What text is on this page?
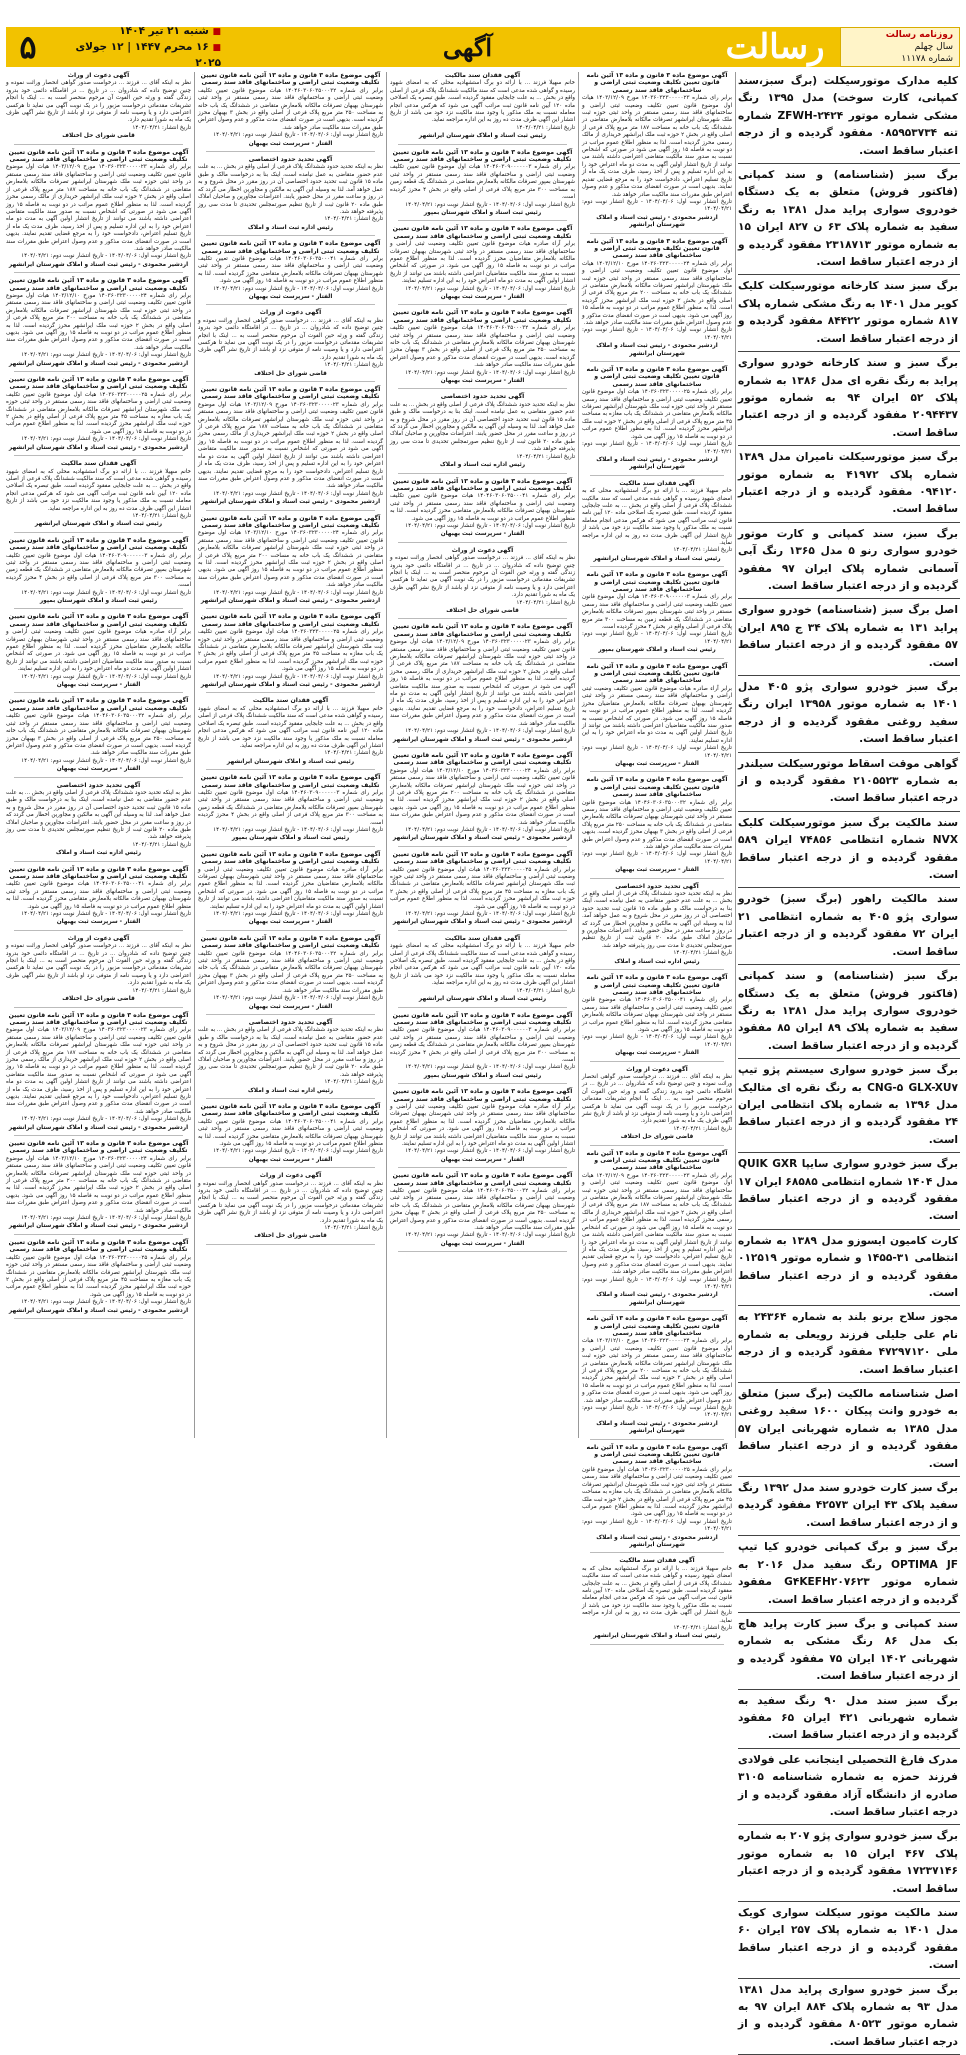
۵	■ شنبه ۲۱ تیر ۱۴۰۴
■ ۱۶ محرم ۱۴۴۷ | ۱۲ جولای ۲۰۲۵
آگهی	رسالت	روزنامه رسالت
سال چهلم
شماره ۱۱۱۷۸
آگهی دعوت از وراث
نظر به اینکه آقای ... فرزند ... درخواست صدور گواهی انحصار وراثت نموده و چنین توضیح داده که شادروان ... در تاریخ ... در اقامتگاه دائمی خود بدرود زندگی گفته و ورثه حین الفوت آن مرحوم منحصر است به ... اینک با انجام تشریفات مقدماتی درخواست مزبور را در یک نوبت آگهی می نماید تا هرکسی اعتراضی دارد و یا وصیت نامه از متوفی نزد او باشد از تاریخ نشر آگهی ظرف یک ماه به شورا تقدیم دارد.
تاریخ انتشار: ۱۴۰۴/۰۴/۲۱
قاضی شورای حل اختلاف
آگهی موضوع ماده ۳ قانون و ماده ۱۳ آئین نامه قانون تعیین تکلیف وضعیت ثبتی اراضی و ساختمانهای فاقد سند رسمی
برابر رای شماره ۱۴۰۳۶۰۳۲۳۰۰۰۰۰۲۳ مورخ ۱۴۰۳/۱۲/۰۹ هیات اول موضوع قانون تعیین تکلیف وضعیت ثبتی اراضی و ساختمانهای فاقد سند رسمی مستقر در واحد ثبتی حوزه ثبت ملک شهرستان ایرانشهر تصرفات مالکانه بلامعارض متقاضی در ششدانگ یک باب خانه به مساحت ۱۸۷ متر مربع پلاک فرعی از اصلی واقع در بخش ۲ حوزه ثبت ملک ایرانشهر خریداری از مالک رسمی محرز گردیده است. لذا به منظور اطلاع عموم مراتب در دو نوبت به فاصله ۱۵ روز آگهی می شود در صورتی که اشخاص نسبت به صدور سند مالکیت متقاضی اعتراضی داشته باشند می توانند از تاریخ انتشار اولین آگهی به مدت دو ماه اعتراض خود را به این اداره تسلیم و پس از اخذ رسید، ظرف مدت یک ماه از تاریخ تسلیم اعتراض، دادخواست خود را به مرجع قضایی تقدیم نمایند. بدیهی است در صورت انقضای مدت مذکور و عدم وصول اعتراض طبق مقررات سند مالکیت صادر خواهد شد.
تاریخ انتشار نوبت اول: ۱۴۰۴/۰۴/۰۶ - تاریخ انتشار نوبت دوم: ۱۴۰۴/۰۴/۲۱
اردشیر محمودی - رئیس ثبت اسناد و املاک شهرستان ایرانشهر
آگهی موضوع ماده ۳ قانون و ماده ۱۳ آئین نامه قانون تعیین تکلیف وضعیت ثبتی اراضی و ساختمانهای فاقد سند رسمی
برابر رای شماره ۱۴۰۳۶۰۳۲۳۰۰۰۰۰۲۴ مورخ ۱۴۰۳/۱۲/۱۰ هیات اول موضوع قانون تعیین تکلیف وضعیت ثبتی اراضی و ساختمانهای فاقد سند رسمی مستقر در واحد ثبتی حوزه ثبت ملک شهرستان ایرانشهر تصرفات مالکانه بلامعارض متقاضی در ششدانگ یک باب خانه به مساحت ۲۰۰ متر مربع پلاک فرعی از اصلی واقع در بخش ۲ حوزه ثبت ملک ایرانشهر محرز گردیده است. لذا به منظور اطلاع عموم مراتب در دو نوبت به فاصله ۱۵ روز آگهی می شود. بدیهی است در صورت انقضای مدت مذکور و عدم وصول اعتراض طبق مقررات سند مالکیت صادر خواهد شد.
تاریخ انتشار نوبت اول: ۱۴۰۴/۰۴/۰۶ - تاریخ انتشار نوبت دوم: ۱۴۰۴/۰۴/۲۱
اردشیر محمودی - رئیس ثبت اسناد و املاک شهرستان ایرانشهر
آگهی موضوع ماده ۳ قانون و ماده ۱۳ آئین نامه قانون تعیین تکلیف وضعیت ثبتی اراضی و ساختمانهای فاقد سند رسمی
برابر رای شماره ۱۴۰۳۶۰۳۲۳۰۰۰۰۰۲۵ هیات اول موضوع قانون تعیین تکلیف وضعیت ثبتی اراضی و ساختمانهای فاقد سند رسمی مستقر در واحد ثبتی حوزه ثبت ملک شهرستان ایرانشهر تصرفات مالکانه بلامعارض متقاضی در ششدانگ یک باب مغازه به مساحت ۴۵ متر مربع پلاک فرعی از اصلی واقع در بخش ۲ حوزه ثبت ملک ایرانشهر محرز گردیده است. لذا به منظور اطلاع عموم مراتب در دو نوبت به فاصله ۱۵ روز آگهی می شود.
تاریخ انتشار نوبت اول: ۱۴۰۴/۰۴/۰۶ - تاریخ انتشار نوبت دوم: ۱۴۰۴/۰۴/۲۱
اردشیر محمودی - رئیس ثبت اسناد و املاک شهرستان ایرانشهر
آگهی فقدان سند مالکیت
خانم سهیلا فرزند ... با ارائه دو برگ استشهادیه محلی که به امضای شهود رسیده و گواهی شده مدعی است که سند مالکیت ششدانگ پلاک فرعی از اصلی واقع در بخش ... به علت جابجایی مفقود گردیده است. طبق تبصره یک اصلاحی ماده ۱۲۰ آیین نامه قانون ثبت مراتب آگهی می شود که هرکس مدعی انجام معامله نسبت به ملک مذکور یا وجود سند مالکیت نزد خود می باشد از تاریخ انتشار این آگهی ظرف مدت ده روز به این اداره مراجعه نماید.
تاریخ انتشار: ۱۴۰۴/۰۴/۲۱
رئیس ثبت اسناد و املاک شهرستان ایرانشهر
آگهی موضوع ماده ۳ قانون و ماده ۱۳ آئین نامه قانون تعیین تکلیف وضعیت ثبتی اراضی و ساختمانهای فاقد سند رسمی
برابر رای شماره ۱۴۰۴۶۰۳۰۹۰۰۰۰۰۰۳ هیات اول موضوع قانون تعیین تکلیف وضعیت ثبتی اراضی و ساختمانهای فاقد سند رسمی مستقر در واحد ثبتی شهرستان بمپور تصرفات مالکانه بلامعارض متقاضی در ششدانگ یک قطعه زمین به مساحت ۳۰۰ متر مربع پلاک فرعی از اصلی واقع در بخش ۴ محرز گردیده است.
تاریخ انتشار نوبت اول: ۱۴۰۴/۰۴/۰۶ - تاریخ انتشار نوبت دوم: ۱۴۰۴/۰۴/۲۱
رئیس ثبت اسناد و املاک شهرستان بمپور
آگهی موضوع ماده ۳ قانون و ماده ۱۳ آئین نامه قانون تعیین تکلیف وضعیت ثبتی اراضی و ساختمانهای فاقد سند رسمی
برابر آراء صادره هیات موضوع قانون تعیین تکلیف وضعیت ثبتی اراضی و ساختمانهای فاقد سند رسمی مستقر در واحد ثبتی شهرستان بهبهان تصرفات مالکانه بلامعارض متقاضیان محرز گردیده است. لذا به منظور اطلاع عموم مراتب در دو نوبت به فاصله ۱۵ روز آگهی می شود. در صورتی که اشخاص نسبت به صدور سند مالکیت متقاضیان اعتراضی داشته باشند می توانند از تاریخ انتشار اولین آگهی به مدت دو ماه اعتراض خود را به این اداره تسلیم نمایند.
تاریخ انتشار نوبت اول: ۱۴۰۴/۰۴/۰۶ - تاریخ انتشار نوبت دوم: ۱۴۰۴/۰۴/۲۱
الفتار - سرپرست ثبت بهبهان
آگهی موضوع ماده ۳ قانون و ماده ۱۳ آئین نامه قانون تعیین تکلیف وضعیت ثبتی اراضی و ساختمانهای فاقد سند رسمی
برابر رای شماره ۱۴۰۴۶۰۳۰۶۰۳۵۰۰۰۳۲ هیات موضوع قانون تعیین تکلیف وضعیت ثبتی اراضی و ساختمانهای فاقد سند رسمی مستقر در واحد ثبتی شهرستان بهبهان تصرفات مالکانه بلامعارض متقاضی در ششدانگ یک باب خانه به مساحت ۲۵۰ متر مربع پلاک فرعی از اصلی واقع در بخش ۳ بهبهان محرز گردیده است. بدیهی است در صورت انقضای مدت مذکور و عدم وصول اعتراض طبق مقررات سند مالکیت صادر خواهد شد.
تاریخ انتشار نوبت اول: ۱۴۰۴/۰۴/۰۶ - تاریخ انتشار نوبت دوم: ۱۴۰۴/۰۴/۲۱
الفتار - سرپرست ثبت بهبهان
آگهی تحدید حدود اختصاصی
نظر به اینکه تحدید حدود ششدانگ پلاک فرعی از اصلی واقع در بخش ... به علت عدم حضور متقاضی به عمل نیامده است، اینک بنا به درخواست مالک و طبق ماده ۱۵ قانون ثبت تحدید حدود اختصاصی آن در روز مقرر در محل شروع و به عمل خواهد آمد. لذا به وسیله این آگهی به مالکین و مجاورین اخطار می گردد که در روز و ساعت مقرر در محل حضور یابند. اعتراضات مجاورین و صاحبان املاک طبق ماده ۲۰ قانون ثبت از تاریخ تنظیم صورتمجلس تحدیدی تا مدت سی روز پذیرفته خواهد شد.
تاریخ انتشار: ۱۴۰۴/۰۴/۲۱
رئیس اداره ثبت اسناد و املاک
آگهی موضوع ماده ۳ قانون و ماده ۱۳ آئین نامه قانون تعیین تکلیف وضعیت ثبتی اراضی و ساختمانهای فاقد سند رسمی
برابر رای شماره ۱۴۰۴۶۰۳۰۶۰۳۵۰۰۰۴۱ هیات موضوع قانون تعیین تکلیف وضعیت ثبتی اراضی و ساختمانهای فاقد سند رسمی مستقر در واحد ثبتی شهرستان بهبهان تصرفات مالکانه بلامعارض متقاضی محرز گردیده است. لذا به منظور اطلاع عموم مراتب در دو نوبت به فاصله ۱۵ روز آگهی می شود.
تاریخ انتشار نوبت اول: ۱۴۰۴/۰۴/۰۶ - تاریخ انتشار نوبت دوم: ۱۴۰۴/۰۴/۲۱
الفتار - سرپرست ثبت بهبهان
آگهی دعوت از وراث
نظر به اینکه آقای ... فرزند ... درخواست صدور گواهی انحصار وراثت نموده و چنین توضیح داده که شادروان ... در تاریخ ... در اقامتگاه دائمی خود بدرود زندگی گفته و ورثه حین الفوت آن مرحوم منحصر است به ... اینک با انجام تشریفات مقدماتی درخواست مزبور را در یک نوبت آگهی می نماید تا هرکسی اعتراضی دارد و یا وصیت نامه از متوفی نزد او باشد از تاریخ نشر آگهی ظرف یک ماه به شورا تقدیم دارد.
تاریخ انتشار: ۱۴۰۴/۰۴/۲۱
قاضی شورای حل اختلاف
آگهی موضوع ماده ۳ قانون و ماده ۱۳ آئین نامه قانون تعیین تکلیف وضعیت ثبتی اراضی و ساختمانهای فاقد سند رسمی
برابر رای شماره ۱۴۰۳۶۰۳۲۳۰۰۰۰۰۲۳ مورخ ۱۴۰۳/۱۲/۰۹ هیات اول موضوع قانون تعیین تکلیف وضعیت ثبتی اراضی و ساختمانهای فاقد سند رسمی مستقر در واحد ثبتی حوزه ثبت ملک شهرستان ایرانشهر تصرفات مالکانه بلامعارض متقاضی در ششدانگ یک باب خانه به مساحت ۱۸۷ متر مربع پلاک فرعی از اصلی واقع در بخش ۲ حوزه ثبت ملک ایرانشهر خریداری از مالک رسمی محرز گردیده است. لذا به منظور اطلاع عموم مراتب در دو نوبت به فاصله ۱۵ روز آگهی می شود در صورتی که اشخاص نسبت به صدور سند مالکیت متقاضی اعتراضی داشته باشند می توانند از تاریخ انتشار اولین آگهی به مدت دو ماه اعتراض خود را به این اداره تسلیم و پس از اخذ رسید، ظرف مدت یک ماه از تاریخ تسلیم اعتراض، دادخواست خود را به مرجع قضایی تقدیم نمایند. بدیهی است در صورت انقضای مدت مذکور و عدم وصول اعتراض طبق مقررات سند مالکیت صادر خواهد شد.
تاریخ انتشار نوبت اول: ۱۴۰۴/۰۴/۰۶ - تاریخ انتشار نوبت دوم: ۱۴۰۴/۰۴/۲۱
اردشیر محمودی - رئیس ثبت اسناد و املاک شهرستان ایرانشهر
آگهی موضوع ماده ۳ قانون و ماده ۱۳ آئین نامه قانون تعیین تکلیف وضعیت ثبتی اراضی و ساختمانهای فاقد سند رسمی
برابر رای شماره ۱۴۰۳۶۰۳۲۳۰۰۰۰۰۲۴ مورخ ۱۴۰۳/۱۲/۱۰ هیات اول موضوع قانون تعیین تکلیف وضعیت ثبتی اراضی و ساختمانهای فاقد سند رسمی مستقر در واحد ثبتی حوزه ثبت ملک شهرستان ایرانشهر تصرفات مالکانه بلامعارض متقاضی در ششدانگ یک باب خانه به مساحت ۲۰۰ متر مربع پلاک فرعی از اصلی واقع در بخش ۲ حوزه ثبت ملک ایرانشهر محرز گردیده است. لذا به منظور اطلاع عموم مراتب در دو نوبت به فاصله ۱۵ روز آگهی می شود. بدیهی است در صورت انقضای مدت مذکور و عدم وصول اعتراض طبق مقررات سند مالکیت صادر خواهد شد.
تاریخ انتشار نوبت اول: ۱۴۰۴/۰۴/۰۶ - تاریخ انتشار نوبت دوم: ۱۴۰۴/۰۴/۲۱
اردشیر محمودی - رئیس ثبت اسناد و املاک شهرستان ایرانشهر
آگهی موضوع ماده ۳ قانون و ماده ۱۳ آئین نامه قانون تعیین تکلیف وضعیت ثبتی اراضی و ساختمانهای فاقد سند رسمی
برابر رای شماره ۱۴۰۳۶۰۳۲۳۰۰۰۰۰۲۵ هیات اول موضوع قانون تعیین تکلیف وضعیت ثبتی اراضی و ساختمانهای فاقد سند رسمی مستقر در واحد ثبتی حوزه ثبت ملک شهرستان ایرانشهر تصرفات مالکانه بلامعارض متقاضی در ششدانگ یک باب مغازه به مساحت ۴۵ متر مربع پلاک فرعی از اصلی واقع در بخش ۲ حوزه ثبت ملک ایرانشهر محرز گردیده است. لذا به منظور اطلاع عموم مراتب در دو نوبت به فاصله ۱۵ روز آگهی می شود.
تاریخ انتشار نوبت اول: ۱۴۰۴/۰۴/۰۶ - تاریخ انتشار نوبت دوم: ۱۴۰۴/۰۴/۲۱
اردشیر محمودی - رئیس ثبت اسناد و املاک شهرستان ایرانشهر
آگهی موضوع ماده ۳ قانون و ماده ۱۳ آئین نامه قانون تعیین تکلیف وضعیت ثبتی اراضی و ساختمانهای فاقد سند رسمی
برابر رای شماره ۱۴۰۴۶۰۳۰۶۰۳۵۰۰۰۳۲ هیات موضوع قانون تعیین تکلیف وضعیت ثبتی اراضی و ساختمانهای فاقد سند رسمی مستقر در واحد ثبتی شهرستان بهبهان تصرفات مالکانه بلامعارض متقاضی در ششدانگ یک باب خانه به مساحت ۲۵۰ متر مربع پلاک فرعی از اصلی واقع در بخش ۳ بهبهان محرز گردیده است. بدیهی است در صورت انقضای مدت مذکور و عدم وصول اعتراض طبق مقررات سند مالکیت صادر خواهد شد.
تاریخ انتشار نوبت اول: ۱۴۰۴/۰۴/۰۶ - تاریخ انتشار نوبت دوم: ۱۴۰۴/۰۴/۲۱
الفتار - سرپرست ثبت بهبهان
آگهی تحدید حدود اختصاصی
نظر به اینکه تحدید حدود ششدانگ پلاک فرعی از اصلی واقع در بخش ... به علت عدم حضور متقاضی به عمل نیامده است، اینک بنا به درخواست مالک و طبق ماده ۱۵ قانون ثبت تحدید حدود اختصاصی آن در روز مقرر در محل شروع و به عمل خواهد آمد. لذا به وسیله این آگهی به مالکین و مجاورین اخطار می گردد که در روز و ساعت مقرر در محل حضور یابند. اعتراضات مجاورین و صاحبان املاک طبق ماده ۲۰ قانون ثبت از تاریخ تنظیم صورتمجلس تحدیدی تا مدت سی روز پذیرفته خواهد شد.
تاریخ انتشار: ۱۴۰۴/۰۴/۲۱
رئیس اداره ثبت اسناد و املاک
آگهی موضوع ماده ۳ قانون و ماده ۱۳ آئین نامه قانون تعیین تکلیف وضعیت ثبتی اراضی و ساختمانهای فاقد سند رسمی
برابر رای شماره ۱۴۰۴۶۰۳۰۶۰۳۵۰۰۰۴۱ هیات موضوع قانون تعیین تکلیف وضعیت ثبتی اراضی و ساختمانهای فاقد سند رسمی مستقر در واحد ثبتی شهرستان بهبهان تصرفات مالکانه بلامعارض متقاضی محرز گردیده است. لذا به منظور اطلاع عموم مراتب در دو نوبت به فاصله ۱۵ روز آگهی می شود.
تاریخ انتشار نوبت اول: ۱۴۰۴/۰۴/۰۶ - تاریخ انتشار نوبت دوم: ۱۴۰۴/۰۴/۲۱
الفتار - سرپرست ثبت بهبهان
آگهی دعوت از وراث
نظر به اینکه آقای ... فرزند ... درخواست صدور گواهی انحصار وراثت نموده و چنین توضیح داده که شادروان ... در تاریخ ... در اقامتگاه دائمی خود بدرود زندگی گفته و ورثه حین الفوت آن مرحوم منحصر است به ... اینک با انجام تشریفات مقدماتی درخواست مزبور را در یک نوبت آگهی می نماید تا هرکسی اعتراضی دارد و یا وصیت نامه از متوفی نزد او باشد از تاریخ نشر آگهی ظرف یک ماه به شورا تقدیم دارد.
تاریخ انتشار: ۱۴۰۴/۰۴/۲۱
قاضی شورای حل اختلاف
آگهی موضوع ماده ۳ قانون و ماده ۱۳ آئین نامه قانون تعیین تکلیف وضعیت ثبتی اراضی و ساختمانهای فاقد سند رسمی
برابر رای شماره ۱۴۰۳۶۰۳۲۳۰۰۰۰۰۲۳ مورخ ۱۴۰۳/۱۲/۰۹ هیات اول موضوع قانون تعیین تکلیف وضعیت ثبتی اراضی و ساختمانهای فاقد سند رسمی مستقر در واحد ثبتی حوزه ثبت ملک شهرستان ایرانشهر تصرفات مالکانه بلامعارض متقاضی در ششدانگ یک باب خانه به مساحت ۱۸۷ متر مربع پلاک فرعی از اصلی واقع در بخش ۲ حوزه ثبت ملک ایرانشهر خریداری از مالک رسمی محرز گردیده است. لذا به منظور اطلاع عموم مراتب در دو نوبت به فاصله ۱۵ روز آگهی می شود در صورتی که اشخاص نسبت به صدور سند مالکیت متقاضی اعتراضی داشته باشند می توانند از تاریخ انتشار اولین آگهی به مدت دو ماه اعتراض خود را به این اداره تسلیم و پس از اخذ رسید، ظرف مدت یک ماه از تاریخ تسلیم اعتراض، دادخواست خود را به مرجع قضایی تقدیم نمایند. بدیهی است در صورت انقضای مدت مذکور و عدم وصول اعتراض طبق مقررات سند مالکیت صادر خواهد شد.
تاریخ انتشار نوبت اول: ۱۴۰۴/۰۴/۰۶ - تاریخ انتشار نوبت دوم: ۱۴۰۴/۰۴/۲۱
اردشیر محمودی - رئیس ثبت اسناد و املاک شهرستان ایرانشهر
آگهی موضوع ماده ۳ قانون و ماده ۱۳ آئین نامه قانون تعیین تکلیف وضعیت ثبتی اراضی و ساختمانهای فاقد سند رسمی
برابر رای شماره ۱۴۰۳۶۰۳۲۳۰۰۰۰۰۲۴ مورخ ۱۴۰۳/۱۲/۱۰ هیات اول موضوع قانون تعیین تکلیف وضعیت ثبتی اراضی و ساختمانهای فاقد سند رسمی مستقر در واحد ثبتی حوزه ثبت ملک شهرستان ایرانشهر تصرفات مالکانه بلامعارض متقاضی در ششدانگ یک باب خانه به مساحت ۲۰۰ متر مربع پلاک فرعی از اصلی واقع در بخش ۲ حوزه ثبت ملک ایرانشهر محرز گردیده است. لذا به منظور اطلاع عموم مراتب در دو نوبت به فاصله ۱۵ روز آگهی می شود. بدیهی است در صورت انقضای مدت مذکور و عدم وصول اعتراض طبق مقررات سند مالکیت صادر خواهد شد.
تاریخ انتشار نوبت اول: ۱۴۰۴/۰۴/۰۶ - تاریخ انتشار نوبت دوم: ۱۴۰۴/۰۴/۲۱
اردشیر محمودی - رئیس ثبت اسناد و املاک شهرستان ایرانشهر
آگهی موضوع ماده ۳ قانون و ماده ۱۳ آئین نامه قانون تعیین تکلیف وضعیت ثبتی اراضی و ساختمانهای فاقد سند رسمی
برابر رای شماره ۱۴۰۳۶۰۳۲۳۰۰۰۰۰۲۵ هیات اول موضوع قانون تعیین تکلیف وضعیت ثبتی اراضی و ساختمانهای فاقد سند رسمی مستقر در واحد ثبتی حوزه ثبت ملک شهرستان ایرانشهر تصرفات مالکانه بلامعارض متقاضی در ششدانگ یک باب مغازه به مساحت ۴۵ متر مربع پلاک فرعی از اصلی واقع در بخش ۲ حوزه ثبت ملک ایرانشهر محرز گردیده است. لذا به منظور اطلاع عموم مراتب در دو نوبت به فاصله ۱۵ روز آگهی می شود.
تاریخ انتشار نوبت اول: ۱۴۰۴/۰۴/۰۶ - تاریخ انتشار نوبت دوم: ۱۴۰۴/۰۴/۲۱
اردشیر محمودی - رئیس ثبت اسناد و املاک شهرستان ایرانشهر
آگهی فقدان سند مالکیت
خانم سهیلا فرزند ... با ارائه دو برگ استشهادیه محلی که به امضای شهود رسیده و گواهی شده مدعی است که سند مالکیت ششدانگ پلاک فرعی از اصلی واقع در بخش ... به علت جابجایی مفقود گردیده است. طبق تبصره یک اصلاحی ماده ۱۲۰ آیین نامه قانون ثبت مراتب آگهی می شود که هرکس مدعی انجام معامله نسبت به ملک مذکور یا وجود سند مالکیت نزد خود می باشد از تاریخ انتشار این آگهی ظرف مدت ده روز به این اداره مراجعه نماید.
تاریخ انتشار: ۱۴۰۴/۰۴/۲۱
رئیس ثبت اسناد و املاک شهرستان ایرانشهر
آگهی موضوع ماده ۳ قانون و ماده ۱۳ آئین نامه قانون تعیین تکلیف وضعیت ثبتی اراضی و ساختمانهای فاقد سند رسمی
برابر رای شماره ۱۴۰۴۶۰۳۰۹۰۰۰۰۰۰۳ هیات اول موضوع قانون تعیین تکلیف وضعیت ثبتی اراضی و ساختمانهای فاقد سند رسمی مستقر در واحد ثبتی شهرستان بمپور تصرفات مالکانه بلامعارض متقاضی در ششدانگ یک قطعه زمین به مساحت ۳۰۰ متر مربع پلاک فرعی از اصلی واقع در بخش ۴ محرز گردیده است.
تاریخ انتشار نوبت اول: ۱۴۰۴/۰۴/۰۶ - تاریخ انتشار نوبت دوم: ۱۴۰۴/۰۴/۲۱
رئیس ثبت اسناد و املاک شهرستان بمپور
آگهی موضوع ماده ۳ قانون و ماده ۱۳ آئین نامه قانون تعیین تکلیف وضعیت ثبتی اراضی و ساختمانهای فاقد سند رسمی
برابر آراء صادره هیات موضوع قانون تعیین تکلیف وضعیت ثبتی اراضی و ساختمانهای فاقد سند رسمی مستقر در واحد ثبتی شهرستان بهبهان تصرفات مالکانه بلامعارض متقاضیان محرز گردیده است. لذا به منظور اطلاع عموم مراتب در دو نوبت به فاصله ۱۵ روز آگهی می شود. در صورتی که اشخاص نسبت به صدور سند مالکیت متقاضیان اعتراضی داشته باشند می توانند از تاریخ انتشار اولین آگهی به مدت دو ماه اعتراض خود را به این اداره تسلیم نمایند.
تاریخ انتشار نوبت اول: ۱۴۰۴/۰۴/۰۶ - تاریخ انتشار نوبت دوم: ۱۴۰۴/۰۴/۲۱
الفتار - سرپرست ثبت بهبهان
آگهی موضوع ماده ۳ قانون و ماده ۱۳ آئین نامه قانون تعیین تکلیف وضعیت ثبتی اراضی و ساختمانهای فاقد سند رسمی
برابر رای شماره ۱۴۰۴۶۰۳۰۶۰۳۵۰۰۰۳۲ هیات موضوع قانون تعیین تکلیف وضعیت ثبتی اراضی و ساختمانهای فاقد سند رسمی مستقر در واحد ثبتی شهرستان بهبهان تصرفات مالکانه بلامعارض متقاضی در ششدانگ یک باب خانه به مساحت ۲۵۰ متر مربع پلاک فرعی از اصلی واقع در بخش ۳ بهبهان محرز گردیده است. بدیهی است در صورت انقضای مدت مذکور و عدم وصول اعتراض طبق مقررات سند مالکیت صادر خواهد شد.
تاریخ انتشار نوبت اول: ۱۴۰۴/۰۴/۰۶ - تاریخ انتشار نوبت دوم: ۱۴۰۴/۰۴/۲۱
الفتار - سرپرست ثبت بهبهان
آگهی تحدید حدود اختصاصی
نظر به اینکه تحدید حدود ششدانگ پلاک فرعی از اصلی واقع در بخش ... به علت عدم حضور متقاضی به عمل نیامده است، اینک بنا به درخواست مالک و طبق ماده ۱۵ قانون ثبت تحدید حدود اختصاصی آن در روز مقرر در محل شروع و به عمل خواهد آمد. لذا به وسیله این آگهی به مالکین و مجاورین اخطار می گردد که در روز و ساعت مقرر در محل حضور یابند. اعتراضات مجاورین و صاحبان املاک طبق ماده ۲۰ قانون ثبت از تاریخ تنظیم صورتمجلس تحدیدی تا مدت سی روز پذیرفته خواهد شد.
تاریخ انتشار: ۱۴۰۴/۰۴/۲۱
رئیس اداره ثبت اسناد و املاک
آگهی موضوع ماده ۳ قانون و ماده ۱۳ آئین نامه قانون تعیین تکلیف وضعیت ثبتی اراضی و ساختمانهای فاقد سند رسمی
برابر رای شماره ۱۴۰۴۶۰۳۰۶۰۳۵۰۰۰۴۱ هیات موضوع قانون تعیین تکلیف وضعیت ثبتی اراضی و ساختمانهای فاقد سند رسمی مستقر در واحد ثبتی شهرستان بهبهان تصرفات مالکانه بلامعارض متقاضی محرز گردیده است. لذا به منظور اطلاع عموم مراتب در دو نوبت به فاصله ۱۵ روز آگهی می شود.
تاریخ انتشار نوبت اول: ۱۴۰۴/۰۴/۰۶ - تاریخ انتشار نوبت دوم: ۱۴۰۴/۰۴/۲۱
الفتار - سرپرست ثبت بهبهان
آگهی دعوت از وراث
نظر به اینکه آقای ... فرزند ... درخواست صدور گواهی انحصار وراثت نموده و چنین توضیح داده که شادروان ... در تاریخ ... در اقامتگاه دائمی خود بدرود زندگی گفته و ورثه حین الفوت آن مرحوم منحصر است به ... اینک با انجام تشریفات مقدماتی درخواست مزبور را در یک نوبت آگهی می نماید تا هرکسی اعتراضی دارد و یا وصیت نامه از متوفی نزد او باشد از تاریخ نشر آگهی ظرف یک ماه به شورا تقدیم دارد.
تاریخ انتشار: ۱۴۰۴/۰۴/۲۱
قاضی شورای حل اختلاف
آگهی فقدان سند مالکیت
خانم سهیلا فرزند ... با ارائه دو برگ استشهادیه محلی که به امضای شهود رسیده و گواهی شده مدعی است که سند مالکیت ششدانگ پلاک فرعی از اصلی واقع در بخش ... به علت جابجایی مفقود گردیده است. طبق تبصره یک اصلاحی ماده ۱۲۰ آیین نامه قانون ثبت مراتب آگهی می شود که هرکس مدعی انجام معامله نسبت به ملک مذکور یا وجود سند مالکیت نزد خود می باشد از تاریخ انتشار این آگهی ظرف مدت ده روز به این اداره مراجعه نماید.
تاریخ انتشار: ۱۴۰۴/۰۴/۲۱
رئیس ثبت اسناد و املاک شهرستان ایرانشهر
آگهی موضوع ماده ۳ قانون و ماده ۱۳ آئین نامه قانون تعیین تکلیف وضعیت ثبتی اراضی و ساختمانهای فاقد سند رسمی
برابر رای شماره ۱۴۰۴۶۰۳۰۹۰۰۰۰۰۰۳ هیات اول موضوع قانون تعیین تکلیف وضعیت ثبتی اراضی و ساختمانهای فاقد سند رسمی مستقر در واحد ثبتی شهرستان بمپور تصرفات مالکانه بلامعارض متقاضی در ششدانگ یک قطعه زمین به مساحت ۳۰۰ متر مربع پلاک فرعی از اصلی واقع در بخش ۴ محرز گردیده است.
تاریخ انتشار نوبت اول: ۱۴۰۴/۰۴/۰۶ - تاریخ انتشار نوبت دوم: ۱۴۰۴/۰۴/۲۱
رئیس ثبت اسناد و املاک شهرستان بمپور
آگهی موضوع ماده ۳ قانون و ماده ۱۳ آئین نامه قانون تعیین تکلیف وضعیت ثبتی اراضی و ساختمانهای فاقد سند رسمی
برابر آراء صادره هیات موضوع قانون تعیین تکلیف وضعیت ثبتی اراضی و ساختمانهای فاقد سند رسمی مستقر در واحد ثبتی شهرستان بهبهان تصرفات مالکانه بلامعارض متقاضیان محرز گردیده است. لذا به منظور اطلاع عموم مراتب در دو نوبت به فاصله ۱۵ روز آگهی می شود. در صورتی که اشخاص نسبت به صدور سند مالکیت متقاضیان اعتراضی داشته باشند می توانند از تاریخ انتشار اولین آگهی به مدت دو ماه اعتراض خود را به این اداره تسلیم نمایند.
تاریخ انتشار نوبت اول: ۱۴۰۴/۰۴/۰۶ - تاریخ انتشار نوبت دوم: ۱۴۰۴/۰۴/۲۱
الفتار - سرپرست ثبت بهبهان
آگهی موضوع ماده ۳ قانون و ماده ۱۳ آئین نامه قانون تعیین تکلیف وضعیت ثبتی اراضی و ساختمانهای فاقد سند رسمی
برابر رای شماره ۱۴۰۴۶۰۳۰۶۰۳۵۰۰۰۳۲ هیات موضوع قانون تعیین تکلیف وضعیت ثبتی اراضی و ساختمانهای فاقد سند رسمی مستقر در واحد ثبتی شهرستان بهبهان تصرفات مالکانه بلامعارض متقاضی در ششدانگ یک باب خانه به مساحت ۲۵۰ متر مربع پلاک فرعی از اصلی واقع در بخش ۳ بهبهان محرز گردیده است. بدیهی است در صورت انقضای مدت مذکور و عدم وصول اعتراض طبق مقررات سند مالکیت صادر خواهد شد.
تاریخ انتشار نوبت اول: ۱۴۰۴/۰۴/۰۶ - تاریخ انتشار نوبت دوم: ۱۴۰۴/۰۴/۲۱
الفتار - سرپرست ثبت بهبهان
آگهی تحدید حدود اختصاصی
نظر به اینکه تحدید حدود ششدانگ پلاک فرعی از اصلی واقع در بخش ... به علت عدم حضور متقاضی به عمل نیامده است، اینک بنا به درخواست مالک و طبق ماده ۱۵ قانون ثبت تحدید حدود اختصاصی آن در روز مقرر در محل شروع و به عمل خواهد آمد. لذا به وسیله این آگهی به مالکین و مجاورین اخطار می گردد که در روز و ساعت مقرر در محل حضور یابند. اعتراضات مجاورین و صاحبان املاک طبق ماده ۲۰ قانون ثبت از تاریخ تنظیم صورتمجلس تحدیدی تا مدت سی روز پذیرفته خواهد شد.
تاریخ انتشار: ۱۴۰۴/۰۴/۲۱
رئیس اداره ثبت اسناد و املاک
آگهی موضوع ماده ۳ قانون و ماده ۱۳ آئین نامه قانون تعیین تکلیف وضعیت ثبتی اراضی و ساختمانهای فاقد سند رسمی
برابر رای شماره ۱۴۰۴۶۰۳۰۶۰۳۵۰۰۰۴۱ هیات موضوع قانون تعیین تکلیف وضعیت ثبتی اراضی و ساختمانهای فاقد سند رسمی مستقر در واحد ثبتی شهرستان بهبهان تصرفات مالکانه بلامعارض متقاضی محرز گردیده است. لذا به منظور اطلاع عموم مراتب در دو نوبت به فاصله ۱۵ روز آگهی می شود.
تاریخ انتشار نوبت اول: ۱۴۰۴/۰۴/۰۶ - تاریخ انتشار نوبت دوم: ۱۴۰۴/۰۴/۲۱
الفتار - سرپرست ثبت بهبهان
آگهی دعوت از وراث
نظر به اینکه آقای ... فرزند ... درخواست صدور گواهی انحصار وراثت نموده و چنین توضیح داده که شادروان ... در تاریخ ... در اقامتگاه دائمی خود بدرود زندگی گفته و ورثه حین الفوت آن مرحوم منحصر است به ... اینک با انجام تشریفات مقدماتی درخواست مزبور را در یک نوبت آگهی می نماید تا هرکسی اعتراضی دارد و یا وصیت نامه از متوفی نزد او باشد از تاریخ نشر آگهی ظرف یک ماه به شورا تقدیم دارد.
تاریخ انتشار: ۱۴۰۴/۰۴/۲۱
قاضی شورای حل اختلاف
آگهی موضوع ماده ۳ قانون و ماده ۱۳ آئین نامه قانون تعیین تکلیف وضعیت ثبتی اراضی و ساختمانهای فاقد سند رسمی
برابر رای شماره ۱۴۰۳۶۰۳۲۳۰۰۰۰۰۲۳ مورخ ۱۴۰۳/۱۲/۰۹ هیات اول موضوع قانون تعیین تکلیف وضعیت ثبتی اراضی و ساختمانهای فاقد سند رسمی مستقر در واحد ثبتی حوزه ثبت ملک شهرستان ایرانشهر تصرفات مالکانه بلامعارض متقاضی در ششدانگ یک باب خانه به مساحت ۱۸۷ متر مربع پلاک فرعی از اصلی واقع در بخش ۲ حوزه ثبت ملک ایرانشهر خریداری از مالک رسمی محرز گردیده است. لذا به منظور اطلاع عموم مراتب در دو نوبت به فاصله ۱۵ روز آگهی می شود در صورتی که اشخاص نسبت به صدور سند مالکیت متقاضی اعتراضی داشته باشند می توانند از تاریخ انتشار اولین آگهی به مدت دو ماه اعتراض خود را به این اداره تسلیم و پس از اخذ رسید، ظرف مدت یک ماه از تاریخ تسلیم اعتراض، دادخواست خود را به مرجع قضایی تقدیم نمایند. بدیهی است در صورت انقضای مدت مذکور و عدم وصول اعتراض طبق مقررات سند مالکیت صادر خواهد شد.
تاریخ انتشار نوبت اول: ۱۴۰۴/۰۴/۰۶ - تاریخ انتشار نوبت دوم: ۱۴۰۴/۰۴/۲۱
اردشیر محمودی - رئیس ثبت اسناد و املاک شهرستان ایرانشهر
آگهی موضوع ماده ۳ قانون و ماده ۱۳ آئین نامه قانون تعیین تکلیف وضعیت ثبتی اراضی و ساختمانهای فاقد سند رسمی
برابر رای شماره ۱۴۰۳۶۰۳۲۳۰۰۰۰۰۲۴ مورخ ۱۴۰۳/۱۲/۱۰ هیات اول موضوع قانون تعیین تکلیف وضعیت ثبتی اراضی و ساختمانهای فاقد سند رسمی مستقر در واحد ثبتی حوزه ثبت ملک شهرستان ایرانشهر تصرفات مالکانه بلامعارض متقاضی در ششدانگ یک باب خانه به مساحت ۲۰۰ متر مربع پلاک فرعی از اصلی واقع در بخش ۲ حوزه ثبت ملک ایرانشهر محرز گردیده است. لذا به منظور اطلاع عموم مراتب در دو نوبت به فاصله ۱۵ روز آگهی می شود. بدیهی است در صورت انقضای مدت مذکور و عدم وصول اعتراض طبق مقررات سند مالکیت صادر خواهد شد.
تاریخ انتشار نوبت اول: ۱۴۰۴/۰۴/۰۶ - تاریخ انتشار نوبت دوم: ۱۴۰۴/۰۴/۲۱
اردشیر محمودی - رئیس ثبت اسناد و املاک شهرستان ایرانشهر
آگهی موضوع ماده ۳ قانون و ماده ۱۳ آئین نامه قانون تعیین تکلیف وضعیت ثبتی اراضی و ساختمانهای فاقد سند رسمی
برابر رای شماره ۱۴۰۳۶۰۳۲۳۰۰۰۰۰۲۵ هیات اول موضوع قانون تعیین تکلیف وضعیت ثبتی اراضی و ساختمانهای فاقد سند رسمی مستقر در واحد ثبتی حوزه ثبت ملک شهرستان ایرانشهر تصرفات مالکانه بلامعارض متقاضی در ششدانگ یک باب مغازه به مساحت ۴۵ متر مربع پلاک فرعی از اصلی واقع در بخش ۲ حوزه ثبت ملک ایرانشهر محرز گردیده است. لذا به منظور اطلاع عموم مراتب در دو نوبت به فاصله ۱۵ روز آگهی می شود.
تاریخ انتشار نوبت اول: ۱۴۰۴/۰۴/۰۶ - تاریخ انتشار نوبت دوم: ۱۴۰۴/۰۴/۲۱
اردشیر محمودی - رئیس ثبت اسناد و املاک شهرستان ایرانشهر
آگهی فقدان سند مالکیت
خانم سهیلا فرزند ... با ارائه دو برگ استشهادیه محلی که به امضای شهود رسیده و گواهی شده مدعی است که سند مالکیت ششدانگ پلاک فرعی از اصلی واقع در بخش ... به علت جابجایی مفقود گردیده است. طبق تبصره یک اصلاحی ماده ۱۲۰ آیین نامه قانون ثبت مراتب آگهی می شود که هرکس مدعی انجام معامله نسبت به ملک مذکور یا وجود سند مالکیت نزد خود می باشد از تاریخ انتشار این آگهی ظرف مدت ده روز به این اداره مراجعه نماید.
تاریخ انتشار: ۱۴۰۴/۰۴/۲۱
رئیس ثبت اسناد و املاک شهرستان ایرانشهر
آگهی موضوع ماده ۳ قانون و ماده ۱۳ آئین نامه قانون تعیین تکلیف وضعیت ثبتی اراضی و ساختمانهای فاقد سند رسمی
برابر رای شماره ۱۴۰۴۶۰۳۰۹۰۰۰۰۰۰۳ هیات اول موضوع قانون تعیین تکلیف وضعیت ثبتی اراضی و ساختمانهای فاقد سند رسمی مستقر در واحد ثبتی شهرستان بمپور تصرفات مالکانه بلامعارض متقاضی در ششدانگ یک قطعه زمین به مساحت ۳۰۰ متر مربع پلاک فرعی از اصلی واقع در بخش ۴ محرز گردیده است.
تاریخ انتشار نوبت اول: ۱۴۰۴/۰۴/۰۶ - تاریخ انتشار نوبت دوم: ۱۴۰۴/۰۴/۲۱
رئیس ثبت اسناد و املاک شهرستان بمپور
آگهی موضوع ماده ۳ قانون و ماده ۱۳ آئین نامه قانون تعیین تکلیف وضعیت ثبتی اراضی و ساختمانهای فاقد سند رسمی
برابر آراء صادره هیات موضوع قانون تعیین تکلیف وضعیت ثبتی اراضی و ساختمانهای فاقد سند رسمی مستقر در واحد ثبتی شهرستان بهبهان تصرفات مالکانه بلامعارض متقاضیان محرز گردیده است. لذا به منظور اطلاع عموم مراتب در دو نوبت به فاصله ۱۵ روز آگهی می شود. در صورتی که اشخاص نسبت به صدور سند مالکیت متقاضیان اعتراضی داشته باشند می توانند از تاریخ انتشار اولین آگهی به مدت دو ماه اعتراض خود را به این اداره تسلیم نمایند.
تاریخ انتشار نوبت اول: ۱۴۰۴/۰۴/۰۶ - تاریخ انتشار نوبت دوم: ۱۴۰۴/۰۴/۲۱
الفتار - سرپرست ثبت بهبهان
آگهی موضوع ماده ۳ قانون و ماده ۱۳ آئین نامه قانون تعیین تکلیف وضعیت ثبتی اراضی و ساختمانهای فاقد سند رسمی
برابر رای شماره ۱۴۰۴۶۰۳۰۶۰۳۵۰۰۰۳۲ هیات موضوع قانون تعیین تکلیف وضعیت ثبتی اراضی و ساختمانهای فاقد سند رسمی مستقر در واحد ثبتی شهرستان بهبهان تصرفات مالکانه بلامعارض متقاضی در ششدانگ یک باب خانه به مساحت ۲۵۰ متر مربع پلاک فرعی از اصلی واقع در بخش ۳ بهبهان محرز گردیده است. بدیهی است در صورت انقضای مدت مذکور و عدم وصول اعتراض طبق مقررات سند مالکیت صادر خواهد شد.
تاریخ انتشار نوبت اول: ۱۴۰۴/۰۴/۰۶ - تاریخ انتشار نوبت دوم: ۱۴۰۴/۰۴/۲۱
الفتار - سرپرست ثبت بهبهان
آگهی موضوع ماده ۳ قانون و ماده ۱۳ آئین نامه قانون تعیین تکلیف وضعیت ثبتی اراضی و ساختمانهای فاقد سند رسمی
برابر رای شماره ۱۴۰۳۶۰۳۲۳۰۰۰۰۰۲۳ مورخ ۱۴۰۳/۱۲/۰۹ هیات اول موضوع قانون تعیین تکلیف وضعیت ثبتی اراضی و ساختمانهای فاقد سند رسمی مستقر در واحد ثبتی حوزه ثبت ملک شهرستان ایرانشهر تصرفات مالکانه بلامعارض متقاضی در ششدانگ یک باب خانه به مساحت ۱۸۷ متر مربع پلاک فرعی از اصلی واقع در بخش ۲ حوزه ثبت ملک ایرانشهر خریداری از مالک رسمی محرز گردیده است. لذا به منظور اطلاع عموم مراتب در دو نوبت به فاصله ۱۵ روز آگهی می شود در صورتی که اشخاص نسبت به صدور سند مالکیت متقاضی اعتراضی داشته باشند می توانند از تاریخ انتشار اولین آگهی به مدت دو ماه اعتراض خود را به این اداره تسلیم و پس از اخذ رسید، ظرف مدت یک ماه از تاریخ تسلیم اعتراض، دادخواست خود را به مرجع قضایی تقدیم نمایند. بدیهی است در صورت انقضای مدت مذکور و عدم وصول اعتراض طبق مقررات سند مالکیت صادر خواهد شد.
تاریخ انتشار نوبت اول: ۱۴۰۴/۰۴/۰۶ - تاریخ انتشار نوبت دوم: ۱۴۰۴/۰۴/۲۱
اردشیر محمودی - رئیس ثبت اسناد و املاک شهرستان ایرانشهر
آگهی موضوع ماده ۳ قانون و ماده ۱۳ آئین نامه قانون تعیین تکلیف وضعیت ثبتی اراضی و ساختمانهای فاقد سند رسمی
برابر رای شماره ۱۴۰۳۶۰۳۲۳۰۰۰۰۰۲۴ مورخ ۱۴۰۳/۱۲/۱۰ هیات اول موضوع قانون تعیین تکلیف وضعیت ثبتی اراضی و ساختمانهای فاقد سند رسمی مستقر در واحد ثبتی حوزه ثبت ملک شهرستان ایرانشهر تصرفات مالکانه بلامعارض متقاضی در ششدانگ یک باب خانه به مساحت ۲۰۰ متر مربع پلاک فرعی از اصلی واقع در بخش ۲ حوزه ثبت ملک ایرانشهر محرز گردیده است. لذا به منظور اطلاع عموم مراتب در دو نوبت به فاصله ۱۵ روز آگهی می شود. بدیهی است در صورت انقضای مدت مذکور و عدم وصول اعتراض طبق مقررات سند مالکیت صادر خواهد شد.
تاریخ انتشار نوبت اول: ۱۴۰۴/۰۴/۰۶ - تاریخ انتشار نوبت دوم: ۱۴۰۴/۰۴/۲۱
اردشیر محمودی - رئیس ثبت اسناد و املاک شهرستان ایرانشهر
آگهی موضوع ماده ۳ قانون و ماده ۱۳ آئین نامه قانون تعیین تکلیف وضعیت ثبتی اراضی و ساختمانهای فاقد سند رسمی
برابر رای شماره ۱۴۰۳۶۰۳۲۳۰۰۰۰۰۲۵ هیات اول موضوع قانون تعیین تکلیف وضعیت ثبتی اراضی و ساختمانهای فاقد سند رسمی مستقر در واحد ثبتی حوزه ثبت ملک شهرستان ایرانشهر تصرفات مالکانه بلامعارض متقاضی در ششدانگ یک باب مغازه به مساحت ۴۵ متر مربع پلاک فرعی از اصلی واقع در بخش ۲ حوزه ثبت ملک ایرانشهر محرز گردیده است. لذا به منظور اطلاع عموم مراتب در دو نوبت به فاصله ۱۵ روز آگهی می شود.
تاریخ انتشار نوبت اول: ۱۴۰۴/۰۴/۰۶ - تاریخ انتشار نوبت دوم: ۱۴۰۴/۰۴/۲۱
اردشیر محمودی - رئیس ثبت اسناد و املاک شهرستان ایرانشهر
آگهی فقدان سند مالکیت
خانم سهیلا فرزند ... با ارائه دو برگ استشهادیه محلی که به امضای شهود رسیده و گواهی شده مدعی است که سند مالکیت ششدانگ پلاک فرعی از اصلی واقع در بخش ... به علت جابجایی مفقود گردیده است. طبق تبصره یک اصلاحی ماده ۱۲۰ آیین نامه قانون ثبت مراتب آگهی می شود که هرکس مدعی انجام معامله نسبت به ملک مذکور یا وجود سند مالکیت نزد خود می باشد از تاریخ انتشار این آگهی ظرف مدت ده روز به این اداره مراجعه نماید.
تاریخ انتشار: ۱۴۰۴/۰۴/۲۱
رئیس ثبت اسناد و املاک شهرستان ایرانشهر
آگهی موضوع ماده ۳ قانون و ماده ۱۳ آئین نامه قانون تعیین تکلیف وضعیت ثبتی اراضی و ساختمانهای فاقد سند رسمی
برابر رای شماره ۱۴۰۴۶۰۳۰۹۰۰۰۰۰۰۳ هیات اول موضوع قانون تعیین تکلیف وضعیت ثبتی اراضی و ساختمانهای فاقد سند رسمی مستقر در واحد ثبتی شهرستان بمپور تصرفات مالکانه بلامعارض متقاضی در ششدانگ یک قطعه زمین به مساحت ۳۰۰ متر مربع پلاک فرعی از اصلی واقع در بخش ۴ محرز گردیده است.
تاریخ انتشار نوبت اول: ۱۴۰۴/۰۴/۰۶ - تاریخ انتشار نوبت دوم: ۱۴۰۴/۰۴/۲۱
رئیس ثبت اسناد و املاک شهرستان بمپور
آگهی موضوع ماده ۳ قانون و ماده ۱۳ آئین نامه قانون تعیین تکلیف وضعیت ثبتی اراضی و ساختمانهای فاقد سند رسمی
برابر آراء صادره هیات موضوع قانون تعیین تکلیف وضعیت ثبتی اراضی و ساختمانهای فاقد سند رسمی مستقر در واحد ثبتی شهرستان بهبهان تصرفات مالکانه بلامعارض متقاضیان محرز گردیده است. لذا به منظور اطلاع عموم مراتب در دو نوبت به فاصله ۱۵ روز آگهی می شود. در صورتی که اشخاص نسبت به صدور سند مالکیت متقاضیان اعتراضی داشته باشند می توانند از تاریخ انتشار اولین آگهی به مدت دو ماه اعتراض خود را به این اداره تسلیم نمایند.
تاریخ انتشار نوبت اول: ۱۴۰۴/۰۴/۰۶ - تاریخ انتشار نوبت دوم: ۱۴۰۴/۰۴/۲۱
الفتار - سرپرست ثبت بهبهان
آگهی موضوع ماده ۳ قانون و ماده ۱۳ آئین نامه قانون تعیین تکلیف وضعیت ثبتی اراضی و ساختمانهای فاقد سند رسمی
برابر رای شماره ۱۴۰۴۶۰۳۰۶۰۳۵۰۰۰۳۲ هیات موضوع قانون تعیین تکلیف وضعیت ثبتی اراضی و ساختمانهای فاقد سند رسمی مستقر در واحد ثبتی شهرستان بهبهان تصرفات مالکانه بلامعارض متقاضی در ششدانگ یک باب خانه به مساحت ۲۵۰ متر مربع پلاک فرعی از اصلی واقع در بخش ۳ بهبهان محرز گردیده است. بدیهی است در صورت انقضای مدت مذکور و عدم وصول اعتراض طبق مقررات سند مالکیت صادر خواهد شد.
تاریخ انتشار نوبت اول: ۱۴۰۴/۰۴/۰۶ - تاریخ انتشار نوبت دوم: ۱۴۰۴/۰۴/۲۱
الفتار - سرپرست ثبت بهبهان
آگهی تحدید حدود اختصاصی
نظر به اینکه تحدید حدود ششدانگ پلاک فرعی از اصلی واقع در بخش ... به علت عدم حضور متقاضی به عمل نیامده است، اینک بنا به درخواست مالک و طبق ماده ۱۵ قانون ثبت تحدید حدود اختصاصی آن در روز مقرر در محل شروع و به عمل خواهد آمد. لذا به وسیله این آگهی به مالکین و مجاورین اخطار می گردد که در روز و ساعت مقرر در محل حضور یابند. اعتراضات مجاورین و صاحبان املاک طبق ماده ۲۰ قانون ثبت از تاریخ تنظیم صورتمجلس تحدیدی تا مدت سی روز پذیرفته خواهد شد.
تاریخ انتشار: ۱۴۰۴/۰۴/۲۱
رئیس اداره ثبت اسناد و املاک
آگهی موضوع ماده ۳ قانون و ماده ۱۳ آئین نامه قانون تعیین تکلیف وضعیت ثبتی اراضی و ساختمانهای فاقد سند رسمی
برابر رای شماره ۱۴۰۴۶۰۳۰۶۰۳۵۰۰۰۴۱ هیات موضوع قانون تعیین تکلیف وضعیت ثبتی اراضی و ساختمانهای فاقد سند رسمی مستقر در واحد ثبتی شهرستان بهبهان تصرفات مالکانه بلامعارض متقاضی محرز گردیده است. لذا به منظور اطلاع عموم مراتب در دو نوبت به فاصله ۱۵ روز آگهی می شود.
تاریخ انتشار نوبت اول: ۱۴۰۴/۰۴/۰۶ - تاریخ انتشار نوبت دوم: ۱۴۰۴/۰۴/۲۱
الفتار - سرپرست ثبت بهبهان
آگهی دعوت از وراث
نظر به اینکه آقای ... فرزند ... درخواست صدور گواهی انحصار وراثت نموده و چنین توضیح داده که شادروان ... در تاریخ ... در اقامتگاه دائمی خود بدرود زندگی گفته و ورثه حین الفوت آن مرحوم منحصر است به ... اینک با انجام تشریفات مقدماتی درخواست مزبور را در یک نوبت آگهی می نماید تا هرکسی اعتراضی دارد و یا وصیت نامه از متوفی نزد او باشد از تاریخ نشر آگهی ظرف یک ماه به شورا تقدیم دارد.
تاریخ انتشار: ۱۴۰۴/۰۴/۲۱
قاضی شورای حل اختلاف
آگهی موضوع ماده ۳ قانون و ماده ۱۳ آئین نامه قانون تعیین تکلیف وضعیت ثبتی اراضی و ساختمانهای فاقد سند رسمی
برابر رای شماره ۱۴۰۳۶۰۳۲۳۰۰۰۰۰۲۳ مورخ ۱۴۰۳/۱۲/۰۹ هیات اول موضوع قانون تعیین تکلیف وضعیت ثبتی اراضی و ساختمانهای فاقد سند رسمی مستقر در واحد ثبتی حوزه ثبت ملک شهرستان ایرانشهر تصرفات مالکانه بلامعارض متقاضی در ششدانگ یک باب خانه به مساحت ۱۸۷ متر مربع پلاک فرعی از اصلی واقع در بخش ۲ حوزه ثبت ملک ایرانشهر خریداری از مالک رسمی محرز گردیده است. لذا به منظور اطلاع عموم مراتب در دو نوبت به فاصله ۱۵ روز آگهی می شود در صورتی که اشخاص نسبت به صدور سند مالکیت متقاضی اعتراضی داشته باشند می توانند از تاریخ انتشار اولین آگهی به مدت دو ماه اعتراض خود را به این اداره تسلیم و پس از اخذ رسید، ظرف مدت یک ماه از تاریخ تسلیم اعتراض، دادخواست خود را به مرجع قضایی تقدیم نمایند. بدیهی است در صورت انقضای مدت مذکور و عدم وصول اعتراض طبق مقررات سند مالکیت صادر خواهد شد.
تاریخ انتشار نوبت اول: ۱۴۰۴/۰۴/۰۶ - تاریخ انتشار نوبت دوم: ۱۴۰۴/۰۴/۲۱
اردشیر محمودی - رئیس ثبت اسناد و املاک شهرستان ایرانشهر
آگهی موضوع ماده ۳ قانون و ماده ۱۳ آئین نامه قانون تعیین تکلیف وضعیت ثبتی اراضی و ساختمانهای فاقد سند رسمی
برابر رای شماره ۱۴۰۳۶۰۳۲۳۰۰۰۰۰۲۴ مورخ ۱۴۰۳/۱۲/۱۰ هیات اول موضوع قانون تعیین تکلیف وضعیت ثبتی اراضی و ساختمانهای فاقد سند رسمی مستقر در واحد ثبتی حوزه ثبت ملک شهرستان ایرانشهر تصرفات مالکانه بلامعارض متقاضی در ششدانگ یک باب خانه به مساحت ۲۰۰ متر مربع پلاک فرعی از اصلی واقع در بخش ۲ حوزه ثبت ملک ایرانشهر محرز گردیده است. لذا به منظور اطلاع عموم مراتب در دو نوبت به فاصله ۱۵ روز آگهی می شود. بدیهی است در صورت انقضای مدت مذکور و عدم وصول اعتراض طبق مقررات سند مالکیت صادر خواهد شد.
تاریخ انتشار نوبت اول: ۱۴۰۴/۰۴/۰۶ - تاریخ انتشار نوبت دوم: ۱۴۰۴/۰۴/۲۱
اردشیر محمودی - رئیس ثبت اسناد و املاک شهرستان ایرانشهر
آگهی موضوع ماده ۳ قانون و ماده ۱۳ آئین نامه قانون تعیین تکلیف وضعیت ثبتی اراضی و ساختمانهای فاقد سند رسمی
برابر رای شماره ۱۴۰۳۶۰۳۲۳۰۰۰۰۰۲۵ هیات اول موضوع قانون تعیین تکلیف وضعیت ثبتی اراضی و ساختمانهای فاقد سند رسمی مستقر در واحد ثبتی حوزه ثبت ملک شهرستان ایرانشهر تصرفات مالکانه بلامعارض متقاضی در ششدانگ یک باب مغازه به مساحت ۴۵ متر مربع پلاک فرعی از اصلی واقع در بخش ۲ حوزه ثبت ملک ایرانشهر محرز گردیده است. لذا به منظور اطلاع عموم مراتب در دو نوبت به فاصله ۱۵ روز آگهی می شود.
تاریخ انتشار نوبت اول: ۱۴۰۴/۰۴/۰۶ - تاریخ انتشار نوبت دوم: ۱۴۰۴/۰۴/۲۱
اردشیر محمودی - رئیس ثبت اسناد و املاک شهرستان ایرانشهر
آگهی فقدان سند مالکیت
خانم سهیلا فرزند ... با ارائه دو برگ استشهادیه محلی که به امضای شهود رسیده و گواهی شده مدعی است که سند مالکیت ششدانگ پلاک فرعی از اصلی واقع در بخش ... به علت جابجایی مفقود گردیده است. طبق تبصره یک اصلاحی ماده ۱۲۰ آیین نامه قانون ثبت مراتب آگهی می شود که هرکس مدعی انجام معامله نسبت به ملک مذکور یا وجود سند مالکیت نزد خود می باشد از تاریخ انتشار این آگهی ظرف مدت ده روز به این اداره مراجعه نماید.
تاریخ انتشار: ۱۴۰۴/۰۴/۲۱
رئیس ثبت اسناد و املاک شهرستان ایرانشهر
کلیه مدارک موتورسیکلت (برگ سبز،سند کمپانی، کارت سوخت) مدل ۱۳۹۵ رنگ مشکی شماره موتور ZFWH-۲۴۲۴ شماره تنه ۰۸۵۹۵۳۷۳۴ مفقود گردیده و از درجه اعتبار ساقط است.
برگ سبز (شناسنامه) و سند کمپانی (فاکتور فروش) متعلق به یک دستگاه خودروی سواری پراید مدل ۱۳۸۱ به رنگ سفید به شماره پلاک ۶۳ ن ۸۲۷ ایران ۱۵ به شماره موتور ۲۳۱۸۷۱۳ مفقود گردیده و از درجه اعتبار ساقط است.
برگ سبز سند کارخانه موتورسیکلت کلیک کویر مدل ۱۴۰۱ به رنگ مشکی شماره پلاک ۸۱۷ شماره موتور ۸۴۴۲۲ مفقود گردیده و از درجه اعتبار ساقط است.
برگ سبز و سند کارخانه خودرو سواری پراید به رنگ نقره ای مدل ۱۳۸۶ به شماره پلاک ۵۲ ایران ۹۴ به شماره موتور ۲۰۹۴۴۳۷ مفقود گردیده و از درجه اعتبار ساقط است.
برگ سبز موتورسیکلت نامیران مدل ۱۳۸۹ شماره پلاک ۴۱۹۷۲ به شماره موتور ۰۹۴۱۲۰ مفقود گردیده و از درجه اعتبار ساقط است.
برگ سبز، سند کمپانی و کارت موتور خودرو سواری رنو ۵ مدل ۱۳۶۵ رنگ آبی آسمانی شماره پلاک ایران ۹۷ مفقود گردیده و از درجه اعتبار ساقط است.
اصل برگ سبز (شناسنامه) خودرو سواری پراید ۱۳۱ به شماره پلاک ۳۴ ج ۸۹۵ ایران ۵۷ مفقود گردیده و از درجه اعتبار ساقط است.
برگ سبز خودرو سواری پژو ۴۰۵ مدل ۱۴۰۱ به شماره موتور ۱۳۹۵۸ ایران رنگ سفید روغنی مفقود گردیده و از درجه اعتبار ساقط است.
گواهی موقت اسقاط موتورسیکلت سیلندر به شماره ۲۱۰۵۵۲۳ مفقود گردیده و از درجه اعتبار ساقط است.
سند مالکیت برگ سبز موتورسیکلت کلیک NVX شماره انتظامی ۷۴۸۵۶ ایران ۵۸۹ مفقود گردیده و از درجه اعتبار ساقط است.
سند مالکیت راهور (برگ سبز) خودرو سواری پژو ۴۰۵ به شماره انتظامی ۲۱ ایران ۷۲ مفقود گردیده و از درجه اعتبار ساقط است.
برگ سبز (شناسنامه) و سند کمپانی (فاکتور فروش) متعلق به یک دستگاه خودروی سواری پراید مدل ۱۳۸۱ به رنگ سفید به شماره پلاک ۸۹ ایران ۸۵ مفقود گردیده و از درجه اعتبار ساقط است.
برگ سبز خودرو سواری سیستم پژو تیپ CNG-۵ GLX-XU۷ به رنگ نقره ای متالیک مدل ۱۳۹۶ به شماره پلاک انتظامی ایران ۲۴ مفقود گردیده و از درجه اعتبار ساقط است.
برگ سبز خودرو سواری سایپا QUIK GXR مدل ۱۴۰۴ شماره انتظامی ۶۸۵۸۵ ایران ۱۷ مفقود گردیده و از درجه اعتبار ساقط است.
کارت کامیون ایسوزو مدل ۱۳۸۹ به شماره انتظامی ۳۱-۱۴۵۵ و شماره موتور ۰۱۲۵۱۹ مفقود گردیده و از درجه اعتبار ساقط است.
مجوز سلاح برنو بلند به شماره ۲۴۳۶۴ به نام علی جلیلی فرزند رویعلی به شماره ملی ۴۷۲۹۷۱۲۰ مفقود گردیده و از درجه اعتبار ساقط است.
اصل شناسنامه مالکیت (برگ سبز) متعلق به خودرو وانت پیکان ۱۶۰۰ سفید روغنی مدل ۱۳۸۵ به شماره شهربانی ایران ۵۷ مفقود گردیده و از درجه اعتبار ساقط است.
برگ سبز کارت خودرو سند مدل ۱۳۹۲ رنگ سفید پلاک ۴۳ ایران ۴۲۵۷۳ مفقود گردیده و از درجه اعتبار ساقط است.
برگ سبز و برگ کمپانی خودرو کیا تیپ OPTIMA JF رنگ سفید مدل ۲۰۱۶ به شماره موتور G۴KEFH۲۰۷۶۲۳ مفقود گردیده و از درجه اعتبار ساقط است.
سند کمپانی و برگ سبز کارت پراید هاچ بک مدل ۸۶ رنگ مشکی به شماره شهربانی ۱۴۰۲ ایران ۷۵ مفقود گردیده و از درجه اعتبار ساقط است.
برگ سبز سند مدل ۹۰ رنگ سفید به شماره شهربانی ۴۲۱ ایران ۶۵ مفقود گردیده و از درجه اعتبار ساقط است.
مدرک فارغ التحصیلی اینجانب علی فولادی فرزند حمزه به شماره شناسنامه ۳۱۰۵ صادره از دانشگاه آزاد مفقود گردیده و از درجه اعتبار ساقط است.
برگ سبز خودرو سواری پژو ۲۰۷ به شماره پلاک ۴۶۷ ایران ۱۵ به شماره موتور ۱۷۲۳۷۱۴۶ مفقود گردیده و از درجه اعتبار ساقط است.
سند مالکیت موتور سیکلت سواری کویک مدل ۱۴۰۱ به شماره پلاک ۲۵۷ ایران ۶۰ مفقود گردیده و از درجه اعتبار ساقط است.
برگ سبز خودرو سواری پراید مدل ۱۳۸۱ مدل ۹۳ به شماره پلاک ۸۸۴ ایران ۹۷ به شماره موتور ۸۰۵۲۳ مفقود گردیده و از درجه اعتبار ساقط است.
